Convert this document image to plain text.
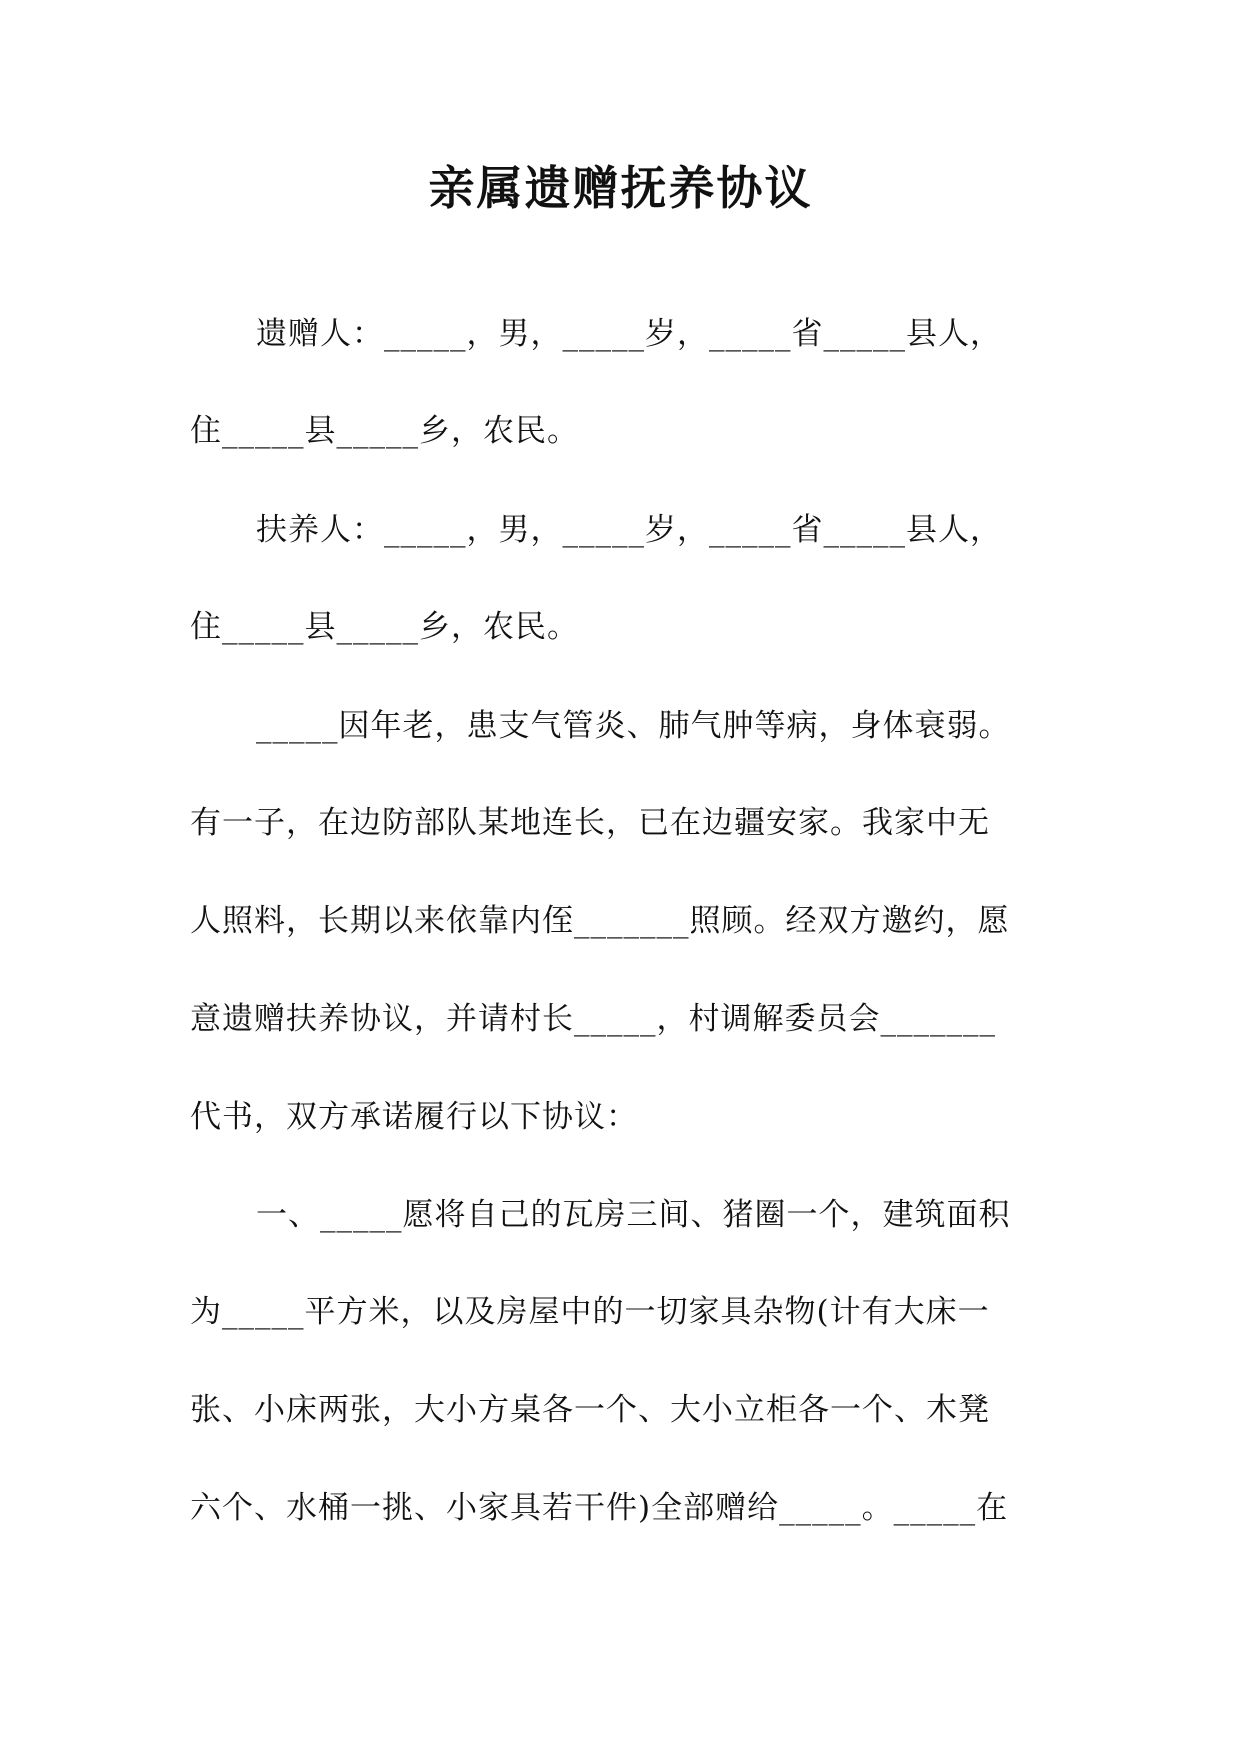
亲属遗赠抚养协议
遗赠人：_____，男，_____岁，_____省_____县人，
住_____县_____乡，农民。
扶养人：_____，男，_____岁，_____省_____县人，
住_____县_____乡，农民。
_____因年老，患支气管炎、肺气肿等病，身体衰弱。
有一子，在边防部队某地连长，已在边疆安家。我家中无
人照料，长期以来依靠内侄_______照顾。经双方邀约，愿
意遗赠扶养协议，并请村长_____，村调解委员会_______
代书，双方承诺履行以下协议：
一、_____愿将自己的瓦房三间、猪圈一个，建筑面积
为_____平方米，以及房屋中的一切家具杂物(计有大床一
张、小床两张，大小方桌各一个、大小立柜各一个、木凳
六个、水桶一挑、小家具若干件)全部赠给_____。_____在
